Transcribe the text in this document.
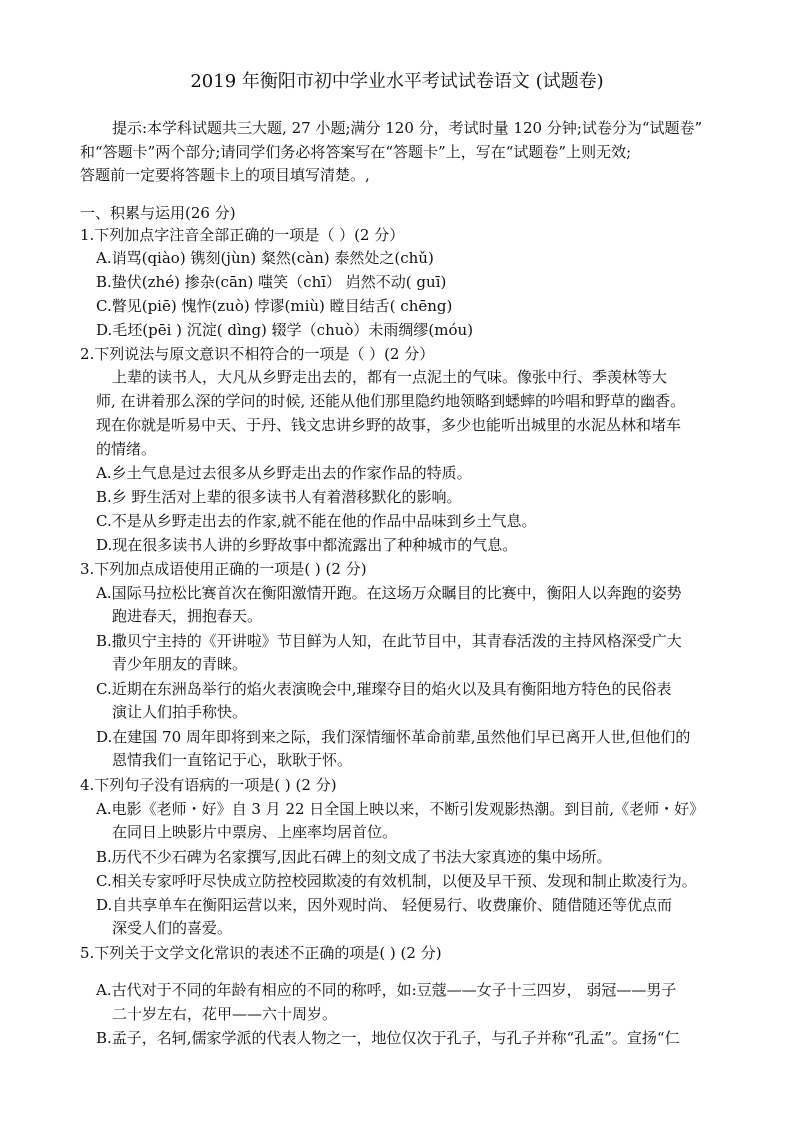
2019 年衡阳市初中学业水平考试试卷语文 (试题卷)
提示:本学科试题共三大题, 27 小题;满分 120 分，考试时量 120 分钟;试卷分为“试题卷”
和“答题卡”两个部分;请同学们务必将答案写在“答题卡”上，写在“试题卷”上则无效;
答题前一定要将答题卡上的项目填写清楚。,
一、积累与运用(26 分)
1.下列加点字注音全部正确的一项是（ ）(2 分）
A.诮骂(qiào) 镌刻(jùn) 粲然(càn) 泰然处之(chǔ)
B.蛰伏(zhé) 掺杂(cān) 嗤笑（chī） 岿然不动( guī)
C.瞥见(piē) 愧怍(zuò) 悖谬(miù) 瞠目结舌( chēng)
D.毛坯(pēi ) 沉淀( dìng) 辍学（chuò）未雨绸缪(móu)
2.下列说法与原文意识不相符合的一项是（ ）(2 分）
上辈的读书人，大凡从乡野走出去的，都有一点泥土的气味。像张中行、季羡林等大
师, 在讲着那么深的学问的时候, 还能从他们那里隐约地领略到蟋蟀的吟唱和野草的幽香。
现在你就是听易中天、于丹、钱文忠讲乡野的故事，多少也能听出城里的水泥丛林和堵车
的情绪。
A.乡土气息是过去很多从乡野走出去的作家作品的特质。
B.乡 野生活对上辈的很多读书人有着潜移默化的影响。
C.不是从乡野走出去的作家,就不能在他的作品中品味到乡土气息。
D.现在很多读书人讲的乡野故事中都流露出了种种城市的气息。
3.下列加点成语使用正确的一项是( ) (2 分)
A.国际马拉松比赛首次在衡阳激情开跑。在这场万众瞩目的比赛中，衡阳人以奔跑的姿势
跑进春天，拥抱春天。
B.撒贝宁主持的《开讲啦》节目鲜为人知，在此节目中，其青春活泼的主持风格深受广大
青少年朋友的青睐。
C.近期在东洲岛举行的焰火表演晚会中,璀璨夺目的焰火以及具有衡阳地方特色的民俗表
演让人们拍手称快。
D.在建国 70 周年即将到来之际，我们深情缅怀革命前辈,虽然他们早已离开人世,但他们的
恩情我们一直铭记于心，耿耿于怀。
4.下列句子没有语病的一项是( ) (2 分)
A.电影《老师・好》自 3 月 22 日全国上映以来，不断引发观影热潮。到目前,《老师・好》
在同日上映影片中票房、上座率均居首位。
B.历代不少石碑为名家撰写,因此石碑上的刻文成了书法大家真迹的集中场所。
C.相关专家呼吁尽快成立防控校园欺凌的有效机制，以便及早干预、发现和制止欺凌行为。
D.自共享单车在衡阳运营以来，因外观时尚、 轻便易行、收费廉价、随借随还等优点而
深受人们的喜爱。
5.下列关于文学文化常识的表述不正确的项是( ) (2 分)
A.古代对于不同的年龄有相应的不同的称呼，如:豆蔻——女子十三四岁， 弱冠——男子
二十岁左右，花甲——六十周岁。
B.孟子，名轲,儒家学派的代表人物之一，地位仅次于孔子，与孔子并称“孔孟”。宣扬“仁
